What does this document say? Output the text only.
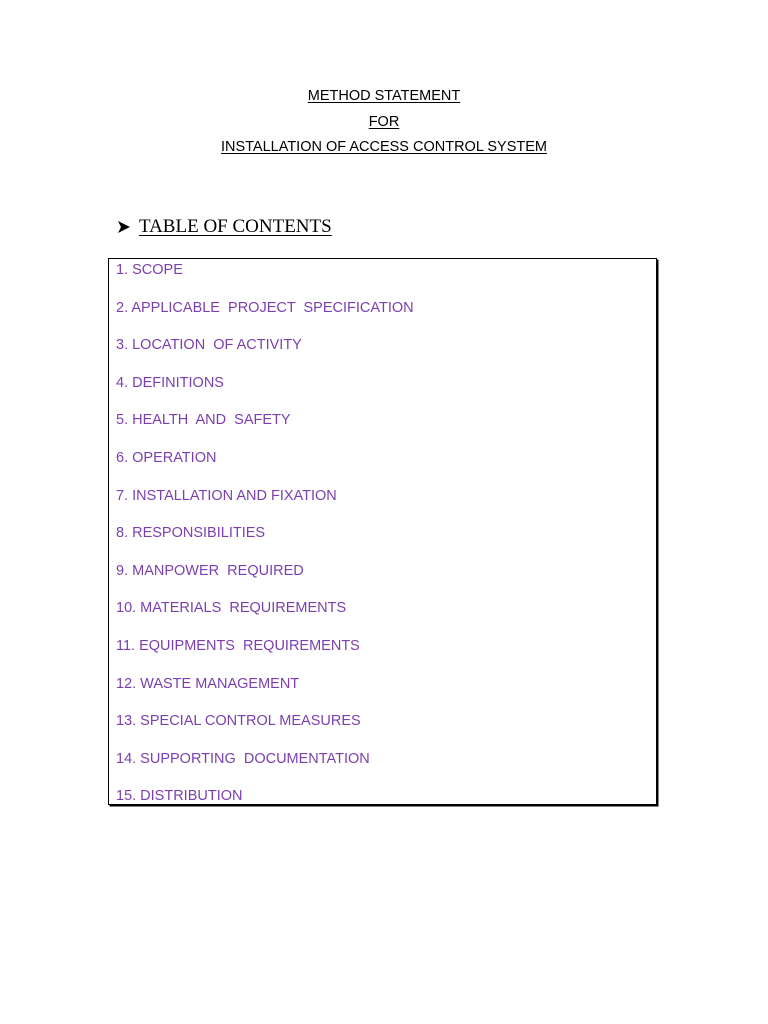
METHOD STATEMENT
FOR
INSTALLATION OF ACCESS CONTROL SYSTEM
TABLE OF CONTENTS
1. SCOPE
2. APPLICABLE  PROJECT  SPECIFICATION
3. LOCATION  OF ACTIVITY
4. DEFINITIONS
5. HEALTH  AND  SAFETY
6. OPERATION
7. INSTALLATION AND FIXATION
8. RESPONSIBILITIES
9. MANPOWER  REQUIRED
10. MATERIALS  REQUIREMENTS
11. EQUIPMENTS  REQUIREMENTS
12. WASTE MANAGEMENT
13. SPECIAL CONTROL MEASURES
14. SUPPORTING  DOCUMENTATION
15. DISTRIBUTION
